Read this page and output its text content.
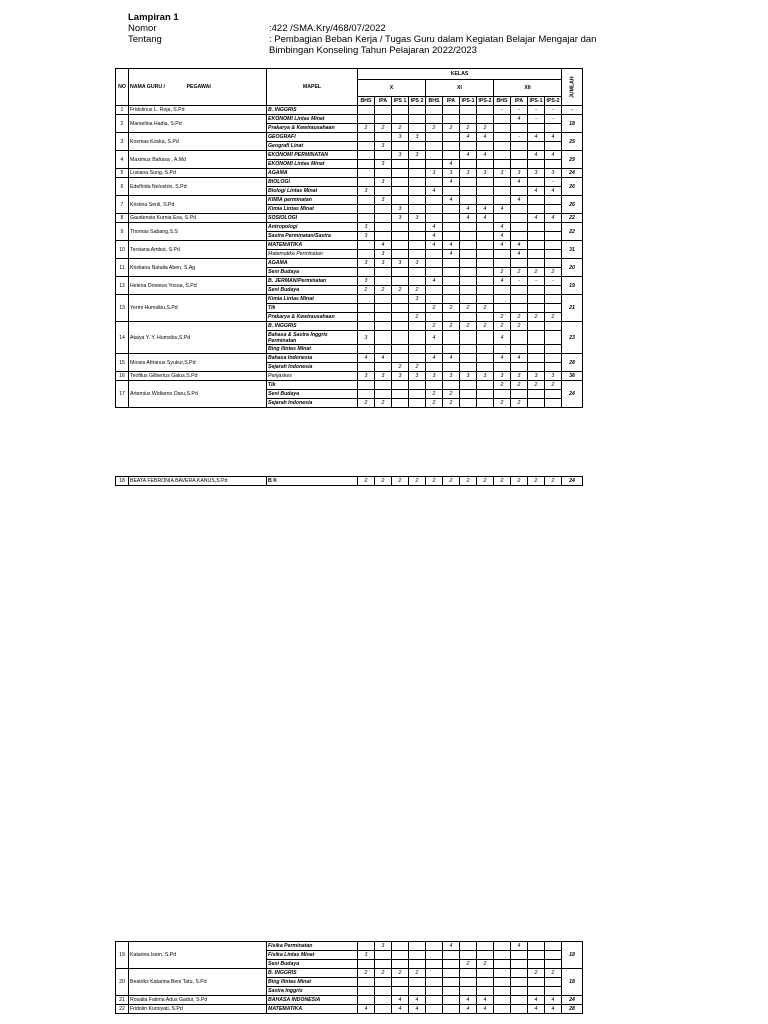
Lampiran 1
Nomor	:422 /SMA.Kry/468/07/2022
Tentang	: Pembagian Beban Kerja / Tugas Guru dalam Kegiatan Belajar Mengajar dan
Bimbingan Konseling Tahun Pelajaran 2022/2023
NO	NAMA GURU / PEGAWAI	MAPEL	KELAS												JUMLAH
			X				XI				XII				
			BHS	IPA	IPS 1	IPS 2	BHS	IPA	IPS-1	IPS-2	BHS	IPA	IPS-1	IPS-2	
1	Fridolinus L. Roja, S.Pd	B. INGGRIS									-	-	-	-	-
2	Marselina Hadia, S.Pd	EKONOMI Lintas Minat										4	-	-	18
		Prakarya & Kewirausahaan	2	2	2		2	2	2	2					
3	Kosmas Koska, S.Pd	GEOGRAFI			3	3			4	4		-	4	4	25
		Geografi Linat		3											
4	Maximus Bahasa , A.Md	EKONOMI PERMINATAN			3	3			4	4			4	4	29
		EKONOMI Lintas Minat		3				4							
5	Lusiana Sung, S.Pd	AGAMA					3	3	3	3	3	3	3	3	24
6	Edelfrida Nelostrin, S.Pd	BIOLOGI		3				4				4		-	26
		Biologi Lintas Minat	3				4						4	4	
7	Kristina Senli, S.Pd	KIMIA perminatan		3				4				4			26
		Kimia Lintas Minat			3				4	4	4				
8	Gaudensia Kurnia Esa, S.Pd	SOSIOLOGI			3	3			4	4			4	4	22
9	Thomas Sabang,S.S	Antropologi	3				4				4				22
		Sastra Perminatan/Sastra	3				4				4				
10	Tersiana Ambut, S.Pd	MATEMATIKA		4			4	4			4	4			31
		Matematika Perminatan		3				4				4			
11	Kristiana Natalia Aben, S.Ag	AGAMA	3	3	3	3									20
		Seni Budaya									2	2	2	2	
12	Helena Doniesa Yosoa, S.Pd	B. JERMAN/Perminatan	3				4				4	-	-	-	19
		Seni Budaya	2	2	2	2									
13	Yermi Humsibu,S.Pd	Kimia Lintas Minat				3									21
		Tik					2	2	2	2					
		Prakarya & Kewirausahaan				2					2	2	2	2	
14	Ataiya Y. Y. Humsibu,S.Pd	B. INGGRIS					2	2	2	2	2	2			23
		Bahasa & Sastra Inggris Perminatan	3				4				4				
		Bing llintas Minat													
15	Moses Afrianus Syukur,S.Pd	Bahasa Indonesia	4	4			4	4			4	4			28
		Sejarah Indonesia			2	2									
16	Teofilus Gilbertus Galus,S.Pd	Penjaskes	3	3	3	3	3	3	3	3	3	3	3	3	36
17	Artemius Widiarno Daru,S.Pd	Tik									2	2	2	2	24
		Seni Budaya					2	2							
		Sejarah Indonesia	2	2			2	2			2	2			
18	BEATA FEBRONIA BAVERA KANUS,S.Pd	B K	2	2	2	2	2	2	2	2	2	2	2	2	24
19	Katarina Isam, S.Pd	Fisika Perminatan		3				4				4			18
		Fisika Lintas Minat	3												
		Seni Budaya							2	2					
20	Beatriks Katarina Beni Tatu, S.Pd	B. INGGRIS	2	2	2	2							2	2	18
		Bing llintas Minat													
		Sastra Inggris													
21	Rosalia Fatima Adus Gadur, S.Pd	BAHASA INDONESIA			4	4			4	4			4	4	24
22	Fridolin Kurniyati, S.Pd	MATEMATIKA	4		4	4			4	4			4	4	28
